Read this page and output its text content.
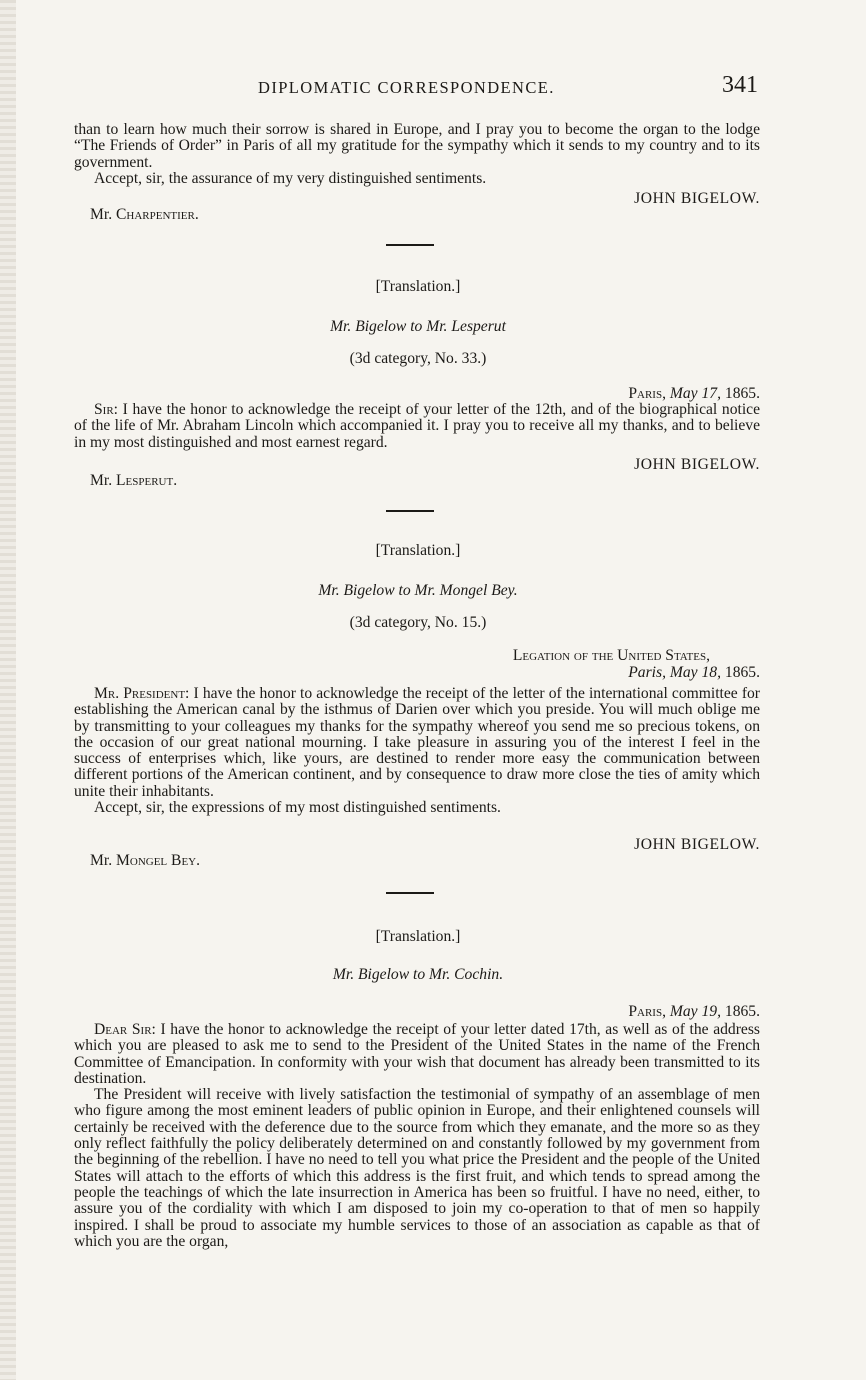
DIPLOMATIC CORRESPONDENCE.	341

than to learn how much their sorrow is shared in Europe, and I pray you to become the organ to the lodge “The Friends of Order” in Paris of all my gratitude for the sympathy which it sends to my country and to its government.

Accept, sir, the assurance of my very distinguished sentiments.

JOHN BIGELOW.
Mr. Charpentier.
[Translation.]
Mr. Bigelow to Mr. Lesperut
(3d category, No. 33.)
Paris, May 17, 1865.

Sir: I have the honor to acknowledge the receipt of your letter of the 12th, and of the biographical notice of the life of Mr. Abraham Lincoln which accompanied it. I pray you to receive all my thanks, and to believe in my most distinguished and most earnest regard.

JOHN BIGELOW.
Mr. Lesperut.
[Translation.]
Mr. Bigelow to Mr. Mongel Bey.
(3d category, No. 15.)
Legation of the United States,
Paris, May 18, 1865.

Mr. President: I have the honor to acknowledge the receipt of the letter of the international committee for establishing the American canal by the isthmus of Darien over which you preside. You will much oblige me by transmitting to your colleagues my thanks for the sympathy whereof you send me so precious tokens, on the occasion of our great national mourning. I take pleasure in assuring you of the interest I feel in the success of enterprises which, like yours, are destined to render more easy the communication between different portions of the American continent, and by consequence to draw more close the ties of amity which unite their inhabitants.

Accept, sir, the expressions of my most distinguished sentiments.

JOHN BIGELOW.
Mr. Mongel Bey.
[Translation.]
Mr. Bigelow to Mr. Cochin.
Paris, May 19, 1865.

Dear Sir: I have the honor to acknowledge the receipt of your letter dated 17th, as well as of the address which you are pleased to ask me to send to the President of the United States in the name of the French Committee of Emancipation. In conformity with your wish that document has already been transmitted to its destination.

The President will receive with lively satisfaction the testimonial of sympathy of an assemblage of men who figure among the most eminent leaders of public opinion in Europe, and their enlightened counsels will certainly be received with the deference due to the source from which they emanate, and the more so as they only reflect faithfully the policy deliberately determined on and constantly followed by my government from the beginning of the rebellion. I have no need to tell you what price the President and the people of the United States will attach to the efforts of which this address is the first fruit, and which tends to spread among the people the teachings of which the late insurrection in America has been so fruitful. I have no need, either, to assure you of the cordiality with which I am disposed to join my co-operation to that of men so happily inspired. I shall be proud to associate my humble services to those of an association as capable as that of which you are the organ,
